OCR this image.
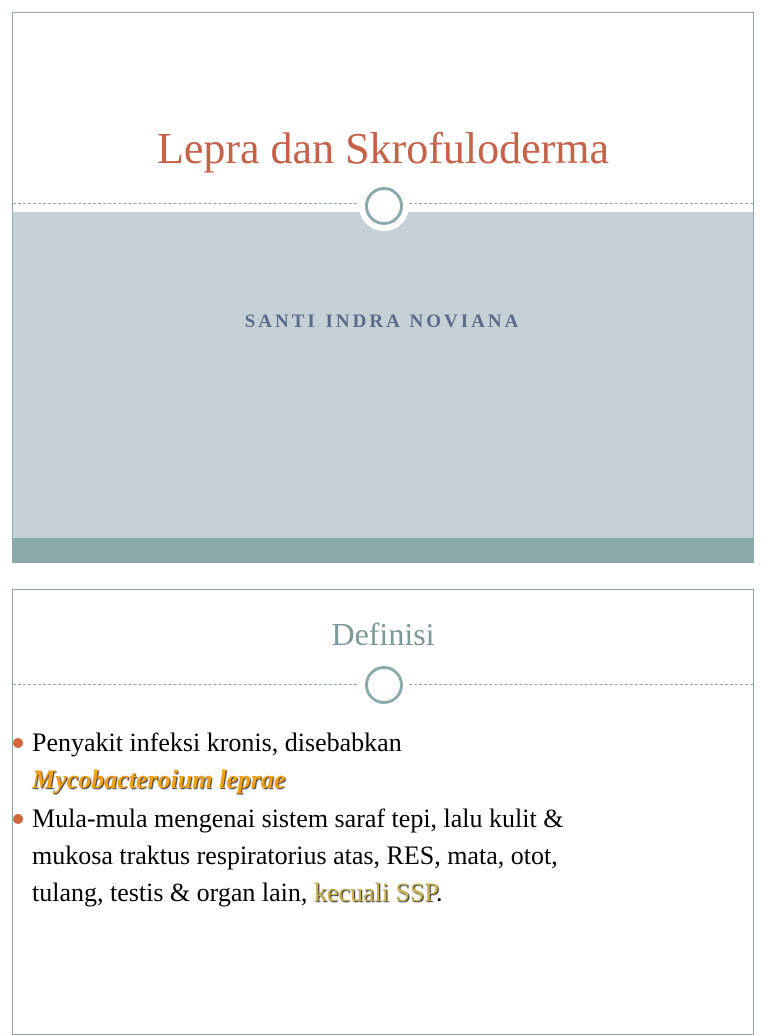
Lepra dan Skrofuloderma
SANTI INDRA NOVIANA
Definisi
Penyakit infeksi kronis, disebabkan
Mycobacteroium leprae
Mula-mula mengenai sistem saraf tepi, lalu kulit &
mukosa traktus respiratorius atas, RES, mata, otot,
tulang, testis & organ lain, kecuali SSP.
